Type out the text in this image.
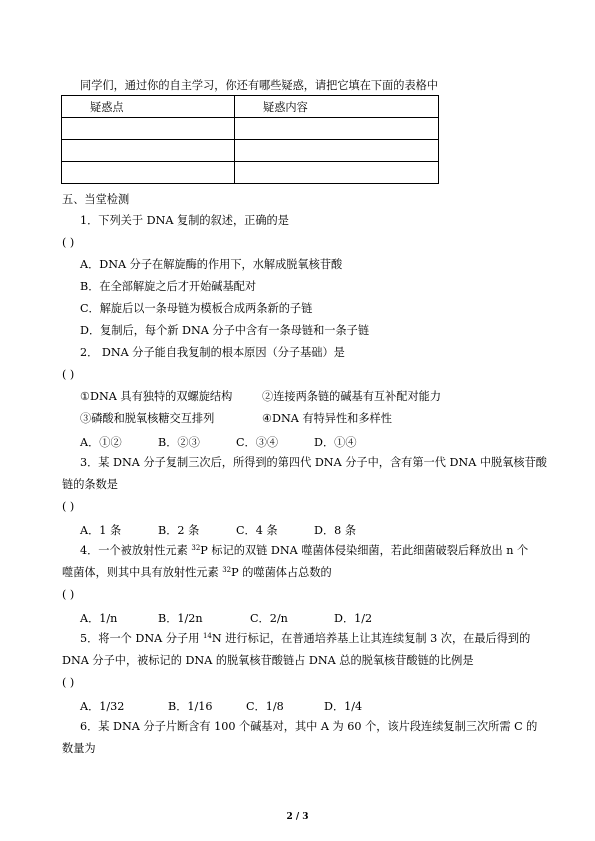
同学们，通过你的自主学习，你还有哪些疑惑，请把它填在下面的表格中
疑惑点	疑惑内容

五、当堂检测
1．下列关于 DNA 复制的叙述，正确的是
( )
A．DNA 分子在解旋酶的作用下，水解成脱氧核苷酸
B．在全部解旋之后才开始碱基配对
C．解旋后以一条母链为模板合成两条新的子链
D．复制后，每个新 DNA 分子中含有一条母链和一条子链
2． DNA 分子能自我复制的根本原因（分子基础）是
( )
①DNA 具有独特的双螺旋结构	②连接两条链的碱基有互补配对能力
③磷酸和脱氧核糖交互排列	④DNA 有特异性和多样性
A．①②	B．②③	C．③④	D．①④
3．某 DNA 分子复制三次后，所得到的第四代 DNA 分子中，含有第一代 DNA 中脱氧核苷酸
链的条数是
( )
A．1 条	B．2 条	C．4 条	D．8 条
4．一个被放射性元素 $^{32}$P 标记的双链 DNA 噬菌体侵染细菌，若此细菌破裂后释放出 n 个
噬菌体，则其中具有放射性元素 $^{32}$P 的噬菌体占总数的
( )
A．1/n	B．1/2n	C．2/n	D．1/2
5．将一个 DNA 分子用 $^{14}$N 进行标记，在普通培养基上让其连续复制 3 次，在最后得到的
DNA 分子中，被标记的 DNA 的脱氧核苷酸链占 DNA 总的脱氧核苷酸链的比例是
( )
A．1/32	B．1/16	C．1/8	D．1/4
6．某 DNA 分子片断含有 100 个碱基对，其中 A 为 60 个，该片段连续复制三次所需 C 的
数量为
2 / 3
